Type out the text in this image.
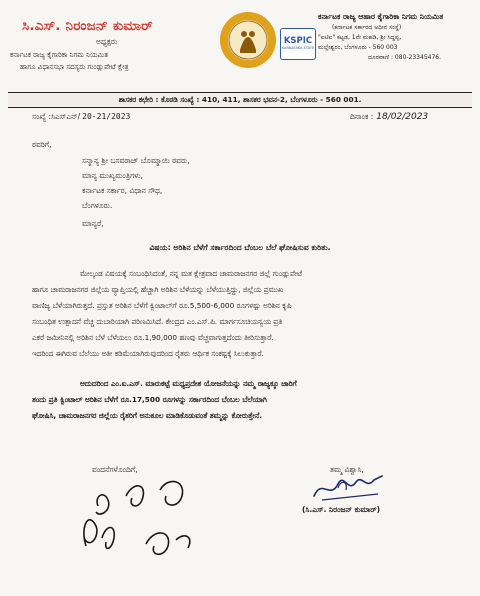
ಸಿ.ಎಸ್. ನಿರಂಜನ್ ಕುಮಾರ್
ಅಧ್ಯಕ್ಷರು
ಕರ್ನಾಟಕ ರಾಜ್ಯ ಕೈಗಾರಿಕಾ ನಿಗಮ ನಿಯಮಿತ
ಹಾಗೂ ವಿಧಾನಸಭಾ ಸದಸ್ಯರು ಗುಂಡ್ಲುಪೇಟೆ ಕ್ಷೇತ್ರ
KSPIC
KARNATAKA STATE
ಕರ್ನಾಟಕ ರಾಜ್ಯ ಆಹಾರ ಕೈಗಾರಿಕಾ ನಿಗಮ ನಿಯಮಿತ
(ಕರ್ನಾಟಕ ಸರ್ಕಾರದ ಅಧೀನ ಸಂಸ್ಥೆ)
"ಐಟಿಐ" ಕಟ್ಟಡ, 1ನೇ ಮಹಡಿ, ಶ್ರೀ ಸಿದ್ಧಪ್ಪ,
ಮಲ್ಲೇಶ್ವರಂ, ಬೆಂಗಳೂರು - 560 003
ದೂರವಾಣಿ : 080-23345476.
ಶಾಸಕರ ಕಛೇರಿ : ಕೊಠಡಿ ಸಂಖ್ಯೆ : 410, 411, ಶಾಸಕರ ಭವನ-2, ಬೆಂಗಳೂರು - 560 001.
ಸಂಖ್ಯೆ :ಸಿಎಸ್‌ಎನ್/ 20-21/2023	ದಿನಾಂಕ : 18/02/2023
ರವರಿಗೆ,
ಸನ್ಮಾನ್ಯ ಶ್ರೀ ಬಸವರಾಜ್ ಬೊಮ್ಮಾಯಿ ರವರು,
ಮಾನ್ಯ ಮುಖ್ಯಮಂತ್ರಿಗಳು,
ಕರ್ನಾಟಕ ಸರ್ಕಾರ, ವಿಧಾನ ಸೌಧ,
ಬೆಂಗಳೂರು.
ಮಾನ್ಯರೆ,
ವಿಷಯ: ಅರಿಶಿನ ಬೆಳೆಗೆ ಸರ್ಕಾರದಿಂದ ಬೆಂಬಲ ಬೆಲೆ ಘೋಷಿಸುವ ಕುರಿತು.
ಮೇಲ್ಕಂಡ ವಿಷಯಕ್ಕೆ ಸಂಬಂಧಿಸಿದಂತೆ, ನನ್ನ ಮತ ಕ್ಷೇತ್ರವಾದ ಚಾಮರಾಜನಗರ ಜಿಲ್ಲೆ ಗುಂಡ್ಲುಪೇಟೆ
ಹಾಗೂ ಚಾಮರಾಜನಗರ ಜಿಲ್ಲೆಯ ವ್ಯಾಪ್ತಿಯಲ್ಲಿ ಹೆಚ್ಚಾಗಿ ಅರಿಶಿನ ಬೆಳೆಯನ್ನು ಬೆಳೆಯುತ್ತಿದ್ದು, ಜಿಲ್ಲೆಯ ಪ್ರಮುಖ
ವಾಣಿಜ್ಯ ಬೆಳೆಯಾಗಿರುತ್ತದೆ. ಪ್ರಸ್ತುತ ಅರಿಶಿನ ಬೆಳೆಗೆ ಕ್ವಿಂಟಾಲ್‌ಗೆ ರೂ.5,500-6,000 ರೂಗಳಷ್ಟು ಅರಿಶಿನ ಕೃಷಿ
ಸಂಬಂಧಿತ ಉತ್ಪಾದನೆ ವೆಚ್ಚ ದುಬಾರಿಯಾಗಿ ಪರಿಣಮಿಸಿದೆ. ಕೇಂದ್ರದ ಎಂ.ಎಸ್.ಪಿ. ಮಾರ್ಗಸೂಚಿಯನ್ವಯ ಪ್ರತಿ
ಎಕರೆ ಜಮೀನಿನಲ್ಲಿ ಅರಿಶಿನ ಬೆಳೆ ಬೆಳೆಯಲು ರೂ.1,90,000 ಹಣವು ವೆಚ್ಚವಾಗುತ್ತದೆಂದು ತೀರಿಸುತ್ತಾರೆ.
ಇದರಿಂದ ಈಗಿರುವ ಬೆಲೆಯು ಅತೀ ಕಡಿಮೆಯಾಗಿರುವುದರಿಂದ ರೈತರು ಆರ್ಥಿಕ ಸಂಕಷ್ಟಕ್ಕೆ ಸಿಲುಕುತ್ತಾರೆ.
ಆದುದರಿಂದ ಎಂ.ಐ.ಎಸ್. ಮಾರುಕಟ್ಟೆ ಮಧ್ಯಪ್ರದೇಶ ಯೋಜನೆಯನ್ನು ನಮ್ಮ ರಾಜ್ಯಕ್ಕೂ ಜಾರಿಗೆ
ತಂದು ಪ್ರತಿ ಕ್ವಿಂಟಾಲ್ ಅರಿಶಿನ ಬೆಳೆಗೆ ರೂ.17,500 ರೂಗಳನ್ನು ಸರ್ಕಾರದಿಂದ ಬೆಂಬಲ ಬೆಲೆಯಾಗಿ
ಘೋಷಿಸಿ, ಚಾಮರಾಜನಗರ ಜಿಲ್ಲೆಯ ರೈತರಿಗೆ ಅನುಕೂಲ ಮಾಡಿಕೊಡುವಂತೆ ತಮ್ಮನ್ನು ಕೋರುತ್ತೇನೆ.
ವಂದನೆಗಳೊಂದಿಗೆ,	ತಮ್ಮ ವಿಶ್ವಾಸಿ,
(ಸಿ.ಎಸ್. ನಿರಂಜನ್ ಕುಮಾರ್)
